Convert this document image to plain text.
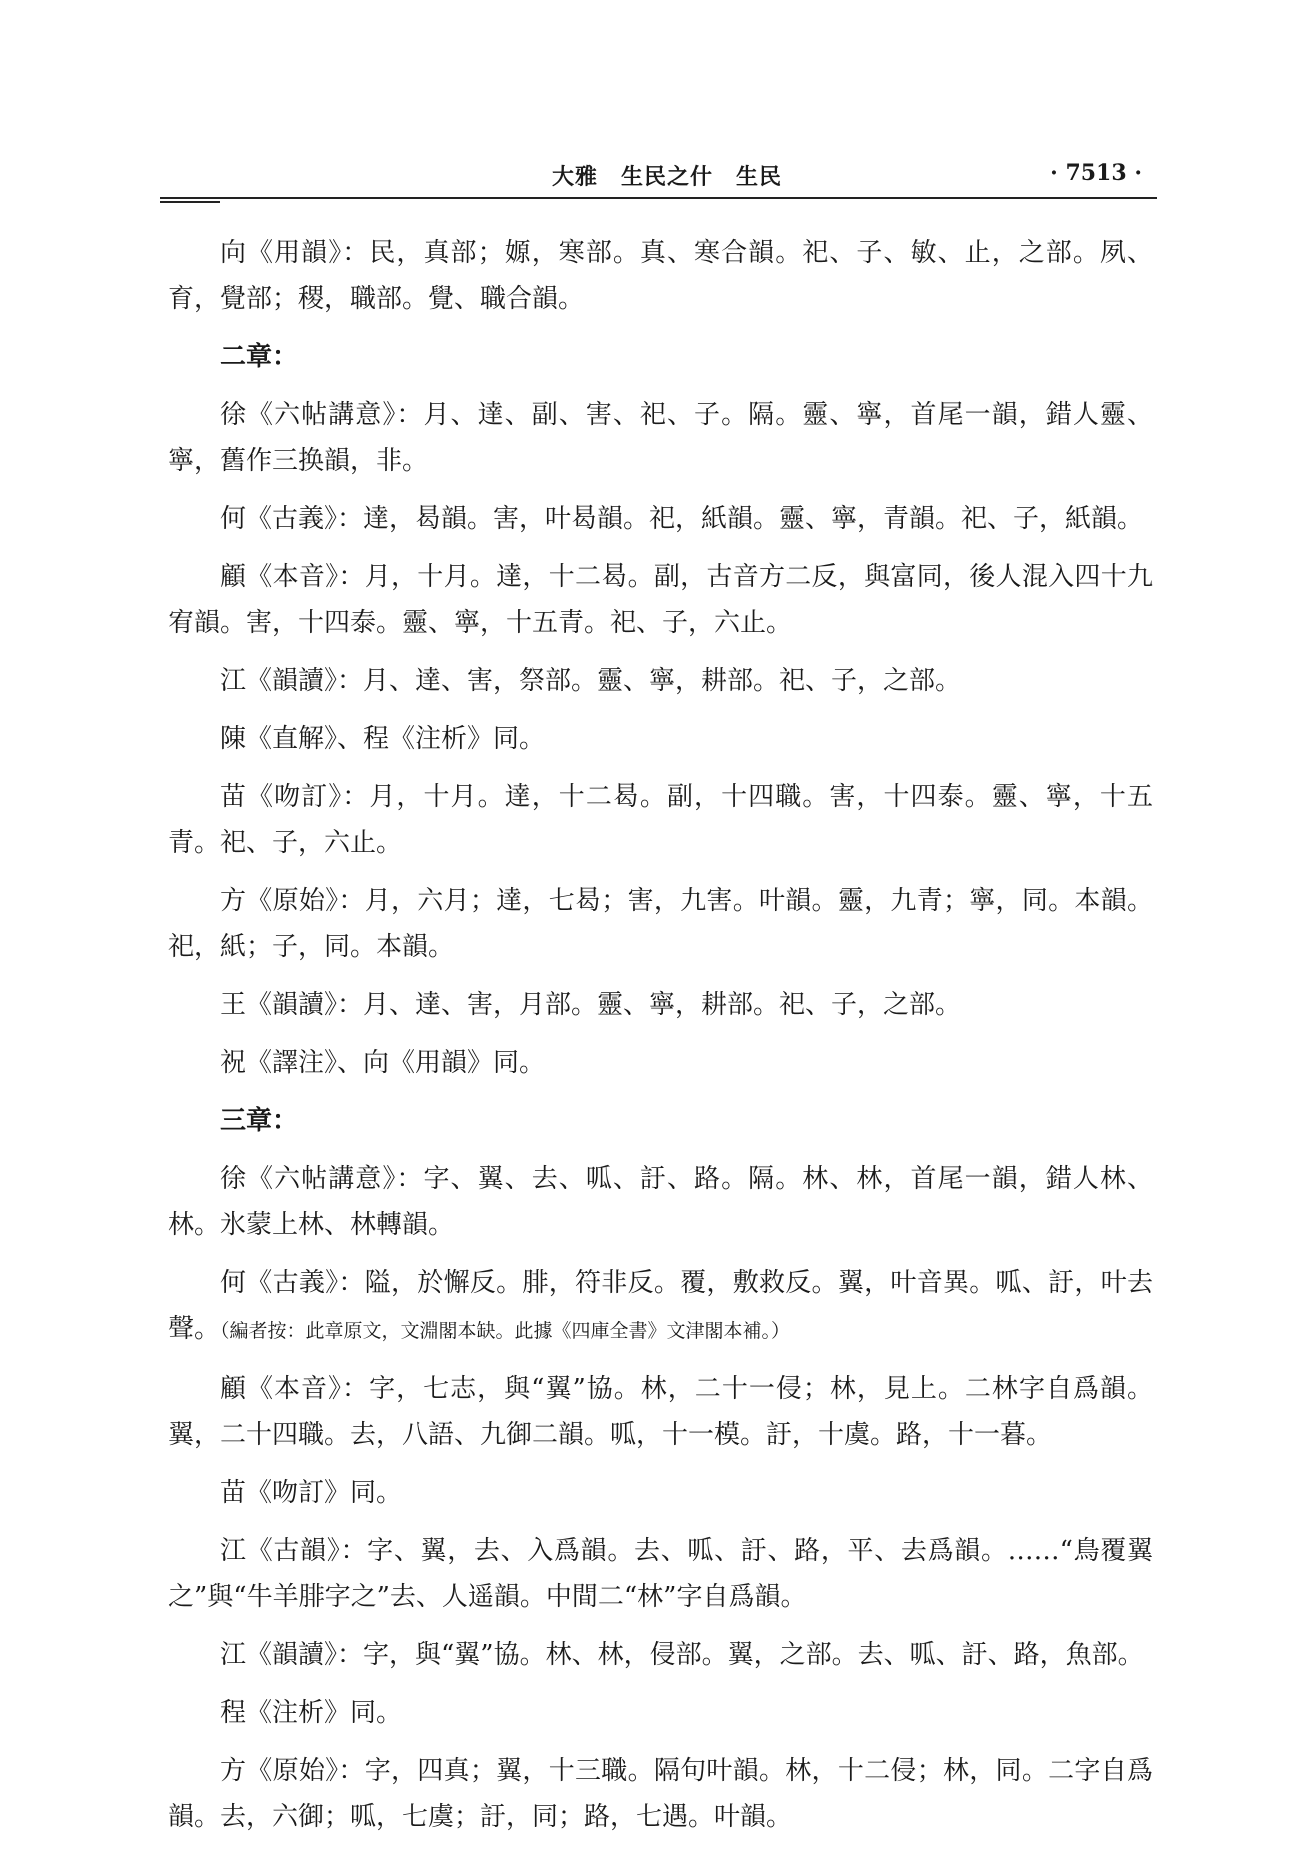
大雅　生民之什　生民	· 7513 ·

向《用韻》：民，真部；嫄，寒部。真、寒合韻。祀、子、敏、止，之部。夙、育，覺部；稷，職部。覺、職合韻。

二章：

徐《六帖講意》：月、達、副、害、祀、子。隔。靈、寧，首尾一韻，錯人靈、寧，舊作三换韻，非。

何《古義》：達，曷韻。害，叶曷韻。祀，紙韻。靈、寧，青韻。祀、子，紙韻。

顧《本音》：月，十月。達，十二曷。副，古音方二反，與富同，後人混入四十九宥韻。害，十四泰。靈、寧，十五青。祀、子，六止。

江《韻讀》：月、達、害，祭部。靈、寧，耕部。祀、子，之部。

陳《直解》、程《注析》同。

苗《吻訂》：月，十月。達，十二曷。副，十四職。害，十四泰。靈、寧，十五青。祀、子，六止。

方《原始》：月，六月；達，七曷；害，九害。叶韻。靈，九青；寧，同。本韻。祀，紙；子，同。本韻。

王《韻讀》：月、達、害，月部。靈、寧，耕部。祀、子，之部。

祝《譯注》、向《用韻》同。

三章：

徐《六帖講意》：字、翼、去、呱、訏、路。隔。林、林，首尾一韻，錯人林、林。氷蒙上林、林轉韻。

何《古義》：隘，於懈反。腓，符非反。覆，敷救反。翼，叶音異。呱、訏，叶去聲。（編者按：此章原文，文淵閣本缺。此據《四庫全書》文津閣本補。）

顧《本音》：字，七志，與“翼”協。林，二十一侵；林，見上。二林字自爲韻。翼，二十四職。去，八語、九御二韻。呱，十一模。訏，十虞。路，十一暮。

苗《吻訂》同。

江《古韻》：字、翼，去、入爲韻。去、呱、訏、路，平、去爲韻。……“鳥覆翼之”與“牛羊腓字之”去、人遥韻。中間二“林”字自爲韻。

江《韻讀》：字，與“翼”協。林、林，侵部。翼，之部。去、呱、訏、路，魚部。

程《注析》同。

方《原始》：字，四真；翼，十三職。隔句叶韻。林，十二侵；林，同。二字自爲韻。去，六御；呱，七虞；訏，同；路，七遇。叶韻。
